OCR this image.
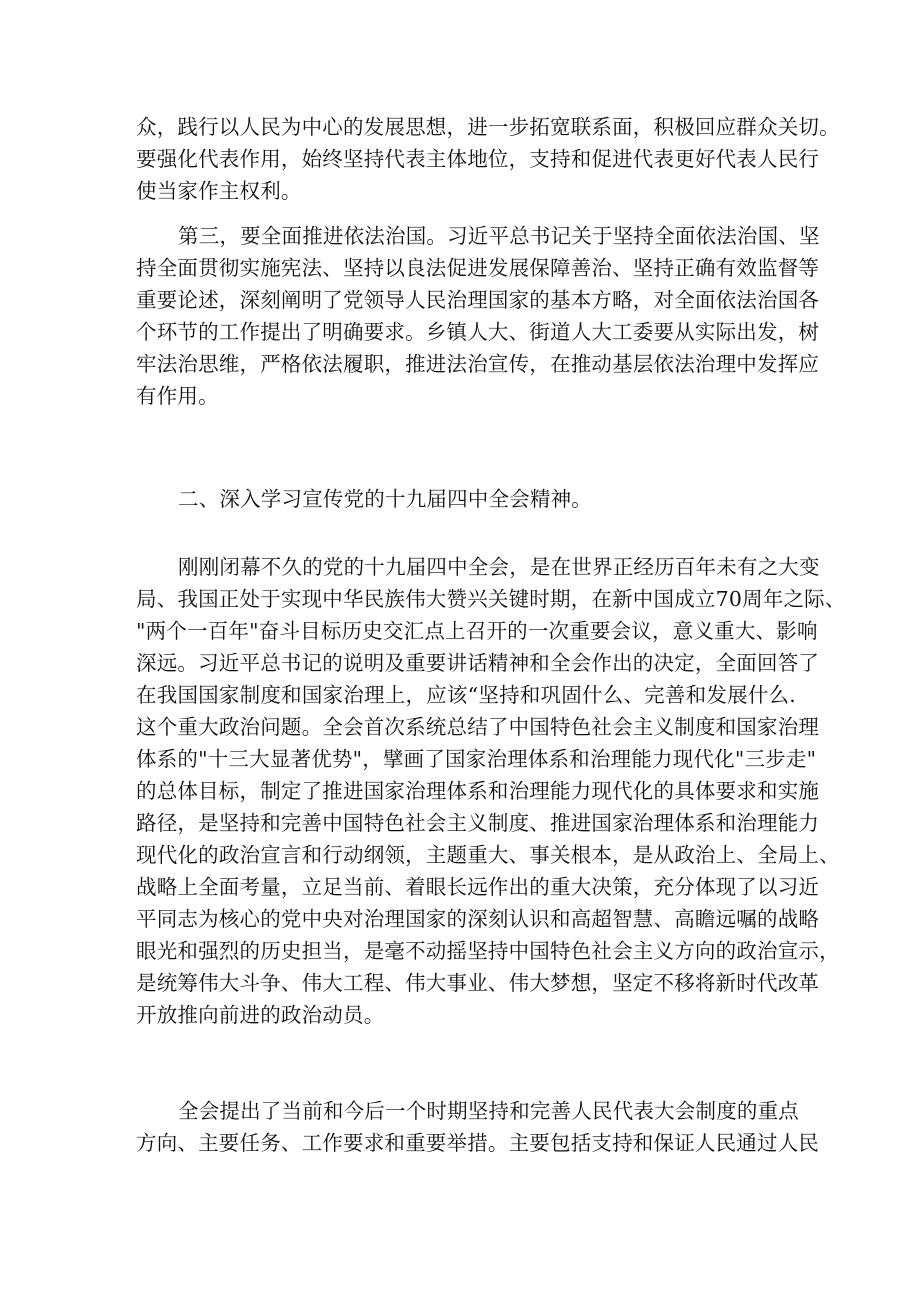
众，践行以人民为中心的发展思想，进一步拓宽联系面，积极回应群众关切。
要强化代表作用，始终坚持代表主体地位，支持和促进代表更好代表人民行
使当家作主权利。
第三，要全面推进依法治国。习近平总书记关于坚持全面依法治国、坚
持全面贯彻实施宪法、坚持以良法促进发展保障善治、坚持正确有效监督等
重要论述，深刻阐明了党领导人民治理国家的基本方略，对全面依法治国各
个环节的工作提出了明确要求。乡镇人大、街道人大工委要从实际出发，树
牢法治思维，严格依法履职，推进法治宣传，在推动基层依法治理中发挥应
有作用。
二、深入学习宣传党的十九届四中全会精神。
刚刚闭幕不久的党的十九届四中全会，是在世界正经历百年未有之大变
局、我国正处于实现中华民族伟大赞兴关键时期，在新中国成立70周年之际、
"两个一百年"奋斗目标历史交汇点上召开的一次重要会议，意义重大、影响
深远。习近平总书记的说明及重要讲话精神和全会作出的决定，全面回答了
在我国国家制度和国家治理上，应该“坚持和巩固什么、完善和发展什么.
这个重大政治问题。全会首次系统总结了中国特色社会主义制度和国家治理
体系的"十三大显著优势"，擘画了国家治理体系和治理能力现代化"三步走"
的总体目标，制定了推进国家治理体系和治理能力现代化的具体要求和实施
路径，是坚持和完善中国特色社会主义制度、推进国家治理体系和治理能力
现代化的政治宣言和行动纲领，主题重大、事关根本，是从政治上、全局上、
战略上全面考量，立足当前、着眼长远作出的重大决策，充分体现了以习近
平同志为核心的党中央对治理国家的深刻认识和高超智慧、高瞻远嘱的战略
眼光和强烈的历史担当，是毫不动摇坚持中国特色社会主义方向的政治宣示，
是统筹伟大斗争、伟大工程、伟大事业、伟大梦想，坚定不移将新时代改革
开放推向前进的政治动员。
全会提出了当前和今后一个时期坚持和完善人民代表大会制度的重点
方向、主要任务、工作要求和重要举措。主要包括支持和保证人民通过人民
